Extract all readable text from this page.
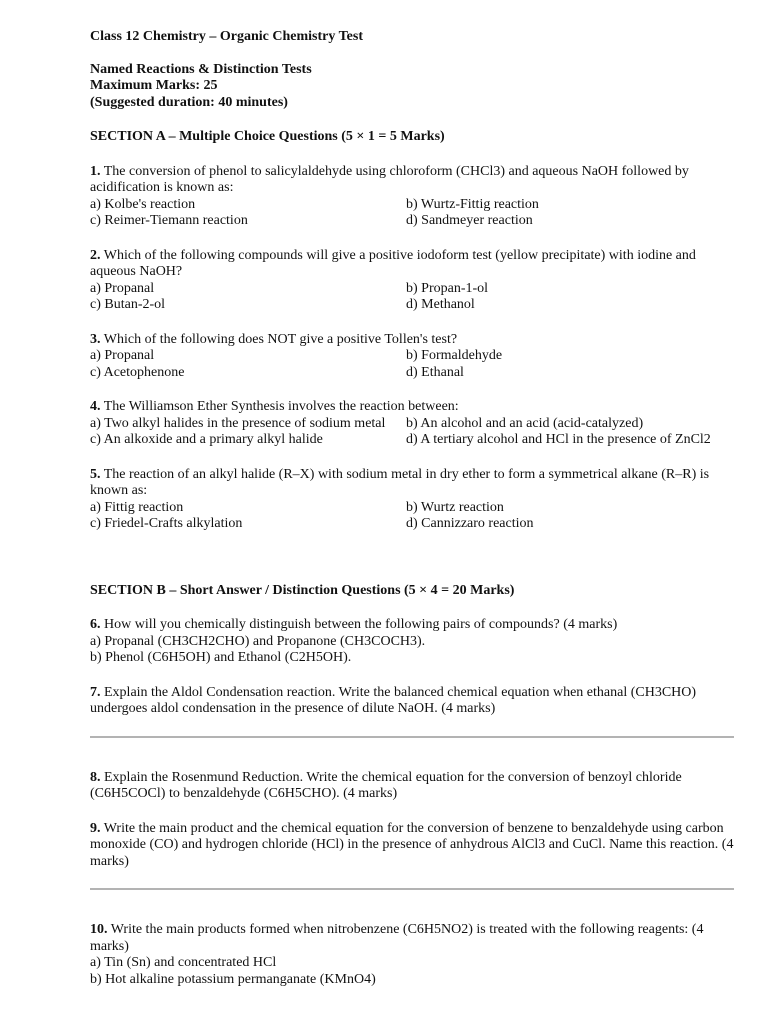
Class 12 Chemistry – Organic Chemistry Test
Named Reactions & Distinction Tests
Maximum Marks: 25
(Suggested duration: 40 minutes)
SECTION A – Multiple Choice Questions (5 × 1 = 5 Marks)
1. The conversion of phenol to salicylaldehyde using chloroform (CHCl3) and aqueous NaOH followed by acidification is known as:
a) Kolbe's reaction	b) Wurtz-Fittig reaction
c) Reimer-Tiemann reaction	d) Sandmeyer reaction
2. Which of the following compounds will give a positive iodoform test (yellow precipitate) with iodine and aqueous NaOH?
a) Propanal	b) Propan-1-ol
c) Butan-2-ol	d) Methanol
3. Which of the following does NOT give a positive Tollen's test?
a) Propanal	b) Formaldehyde
c) Acetophenone	d) Ethanal
4. The Williamson Ether Synthesis involves the reaction between:
a) Two alkyl halides in the presence of sodium metal	b) An alcohol and an acid (acid-catalyzed)
c) An alkoxide and a primary alkyl halide	d) A tertiary alcohol and HCl in the presence of ZnCl2
5. The reaction of an alkyl halide (R–X) with sodium metal in dry ether to form a symmetrical alkane (R–R) is known as:
a) Fittig reaction	b) Wurtz reaction
c) Friedel-Crafts alkylation	d) Cannizzaro reaction
SECTION B – Short Answer / Distinction Questions (5 × 4 = 20 Marks)
6. How will you chemically distinguish between the following pairs of compounds? (4 marks)
a) Propanal (CH3CH2CHO) and Propanone (CH3COCH3).
b) Phenol (C6H5OH) and Ethanol (C2H5OH).
7. Explain the Aldol Condensation reaction. Write the balanced chemical equation when ethanal (CH3CHO) undergoes aldol condensation in the presence of dilute NaOH. (4 marks)
8. Explain the Rosenmund Reduction. Write the chemical equation for the conversion of benzoyl chloride (C6H5COCl) to benzaldehyde (C6H5CHO). (4 marks)
9. Write the main product and the chemical equation for the conversion of benzene to benzaldehyde using carbon monoxide (CO) and hydrogen chloride (HCl) in the presence of anhydrous AlCl3 and CuCl. Name this reaction. (4 marks)
10. Write the main products formed when nitrobenzene (C6H5NO2) is treated with the following reagents: (4 marks)
a) Tin (Sn) and concentrated HCl
b) Hot alkaline potassium permanganate (KMnO4)
